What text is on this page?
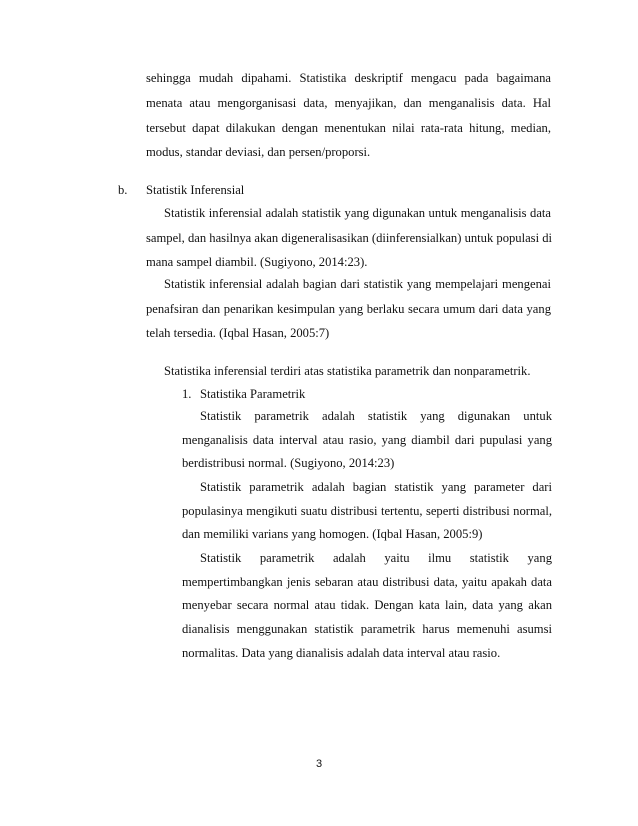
sehingga mudah dipahami. Statistika deskriptif mengacu pada bagaimana
menata atau mengorganisasi data, menyajikan, dan menganalisis data. Hal
tersebut dapat dilakukan dengan menentukan nilai rata-rata hitung, median,
modus, standar deviasi, dan persen/proporsi.
b. Statistik Inferensial
Statistik inferensial adalah statistik yang digunakan untuk menganalisis data
sampel, dan hasilnya akan digeneralisasikan (diinferensialkan) untuk populasi di
mana sampel diambil. (Sugiyono, 2014:23).
Statistik inferensial adalah bagian dari statistik yang mempelajari mengenai
penafsiran dan penarikan kesimpulan yang berlaku secara umum dari data yang
telah tersedia. (Iqbal Hasan, 2005:7)
Statistika inferensial terdiri atas statistika parametrik dan nonparametrik.
1. Statistika Parametrik
Statistik parametrik adalah statistik yang digunakan untuk
menganalisis data interval atau rasio, yang diambil dari pupulasi yang
berdistribusi normal. (Sugiyono, 2014:23)
Statistik parametrik adalah bagian statistik yang parameter dari
populasinya mengikuti suatu distribusi tertentu, seperti distribusi normal,
dan memiliki varians yang homogen. (Iqbal Hasan, 2005:9)
Statistik parametrik adalah yaitu ilmu statistik yang
mempertimbangkan jenis sebaran atau distribusi data, yaitu apakah data
menyebar secara normal atau tidak. Dengan kata lain, data yang akan
dianalisis menggunakan statistik parametrik harus memenuhi asumsi
normalitas. Data yang dianalisis adalah data interval atau rasio.
3
